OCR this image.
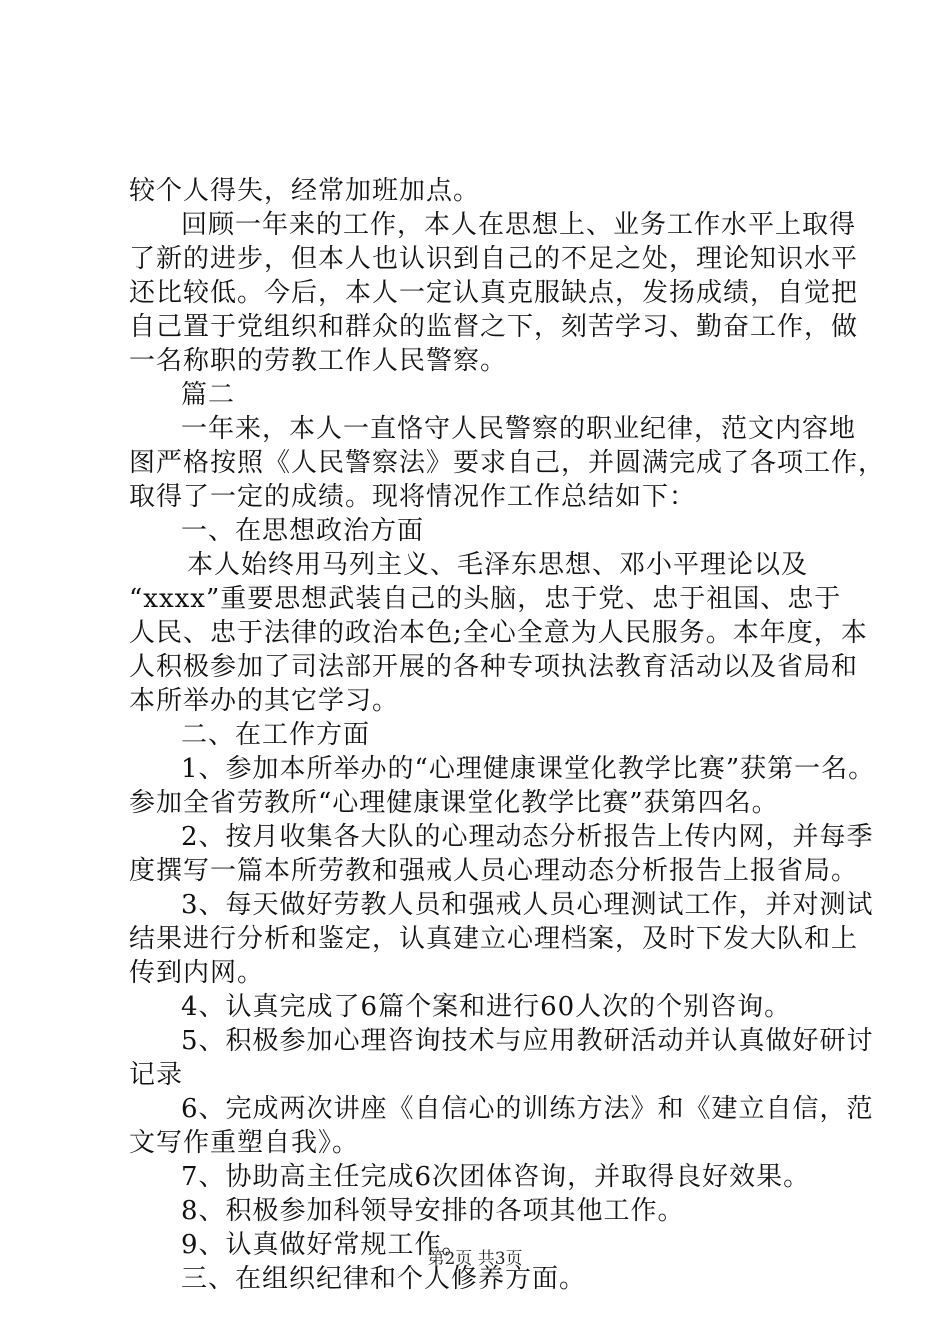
较个人得失，经常加班加点。
回顾一年来的工作，本人在思想上、业务工作水平上取得
了新的进步，但本人也认识到自己的不足之处，理论知识水平
还比较低。今后，本人一定认真克服缺点，发扬成绩，自觉把
自己置于党组织和群众的监督之下，刻苦学习、勤奋工作，做
一名称职的劳教工作人民警察。
篇二
一年来，本人一直恪守人民警察的职业纪律，范文内容地
图严格按照《人民警察法》要求自己，并圆满完成了各项工作，
取得了一定的成绩。现将情况作工作总结如下：
一、在思想政治方面
本人始终用马列主义、毛泽东思想、邓小平理论以及
“xxxx”重要思想武装自己的头脑，忠于党、忠于祖国、忠于
人民、忠于法律的政治本色;全心全意为人民服务。本年度，本
人积极参加了司法部开展的各种专项执法教育活动以及省局和
本所举办的其它学习。
二、在工作方面
1、参加本所举办的“心理健康课堂化教学比赛”获第一名。
参加全省劳教所“心理健康课堂化教学比赛”获第四名。
2、按月收集各大队的心理动态分析报告上传内网，并每季
度撰写一篇本所劳教和强戒人员心理动态分析报告上报省局。
3、每天做好劳教人员和强戒人员心理测试工作，并对测试
结果进行分析和鉴定，认真建立心理档案，及时下发大队和上
传到内网。
4、认真完成了6篇个案和进行60人次的个别咨询。
5、积极参加心理咨询技术与应用教研活动并认真做好研讨
记录
6、完成两次讲座《自信心的训练方法》和《建立自信，范
文写作重塑自我》。
7、协助高主任完成6次团体咨询，并取得良好效果。
8、积极参加科领导安排的各项其他工作。
9、认真做好常规工作。
三、在组织纪律和个人修养方面。
第2页 共3页
